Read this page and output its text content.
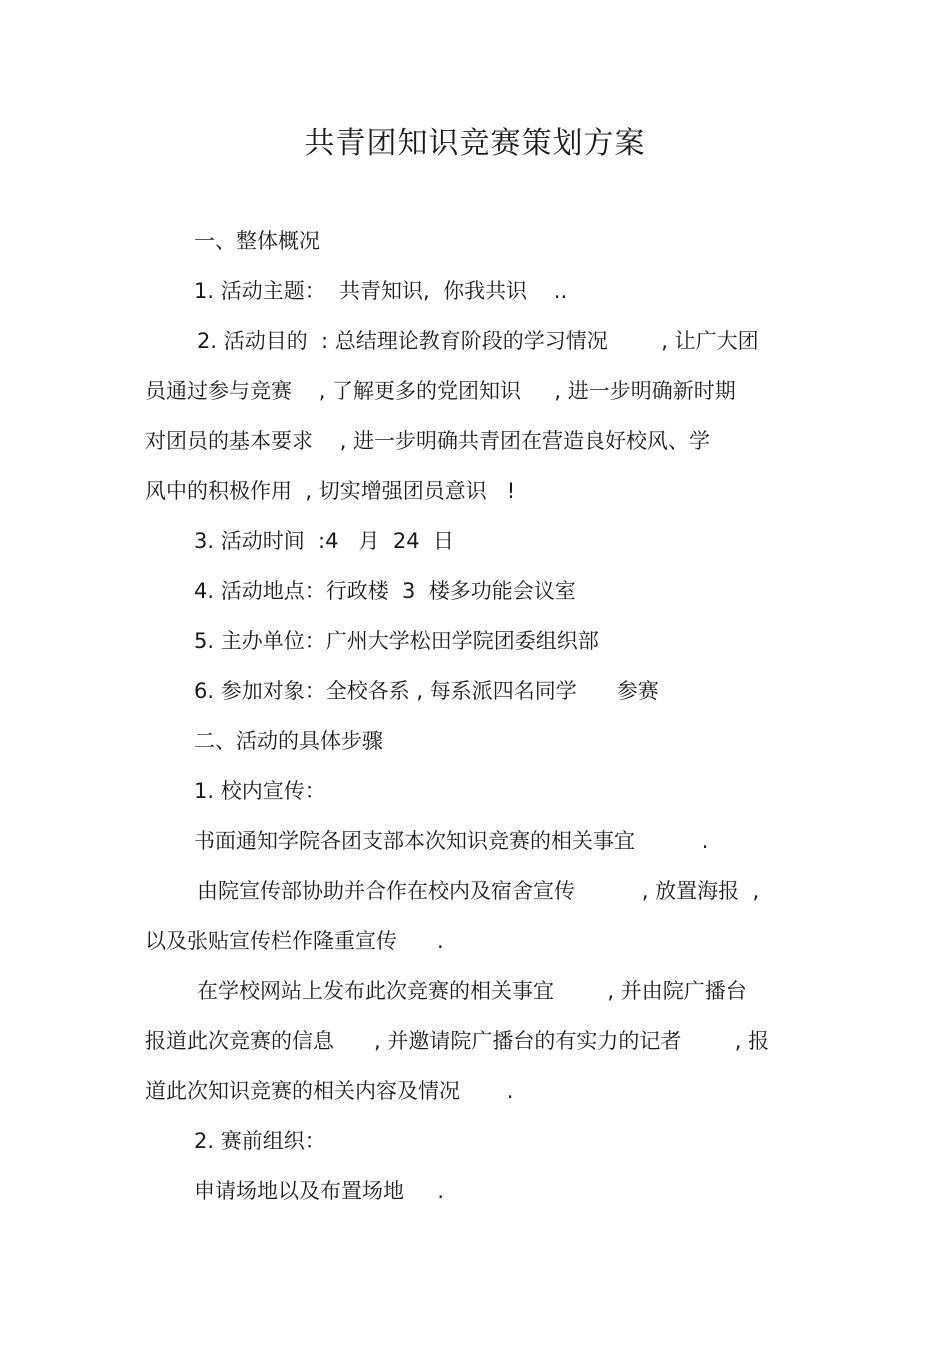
共青团知识竞赛策划方案
一、整体概况
1. 活动主题：  共青知识,  你我共识    ..
2. 活动目的  : 总结理论教育阶段的学习情况        , 让广大团
员通过参与竞赛    , 了解更多的党团知识     , 进一步明确新时期
对团员的基本要求    , 进一步明确共青团在营造良好校风、学
风中的积极作用  , 切实增强团员意识   !
3. 活动时间  :4   月  24  日
4. 活动地点：行政楼  3  楼多功能会议室
5. 主办单位：广州大学松田学院团委组织部
6. 参加对象：全校各系 , 每系派四名同学      参赛
二、活动的具体步骤
1. 校内宣传：
书面通知学院各团支部本次知识竞赛的相关事宜          .
由院宣传部协助并合作在校内及宿舍宣传          , 放置海报  ,
以及张贴宣传栏作隆重宣传      .
在学校网站上发布此次竞赛的相关事宜        , 并由院广播台
报道此次竞赛的信息      , 并邀请院广播台的有实力的记者        , 报
道此次知识竞赛的相关内容及情况       .
2. 赛前组织：
申请场地以及布置场地     .
